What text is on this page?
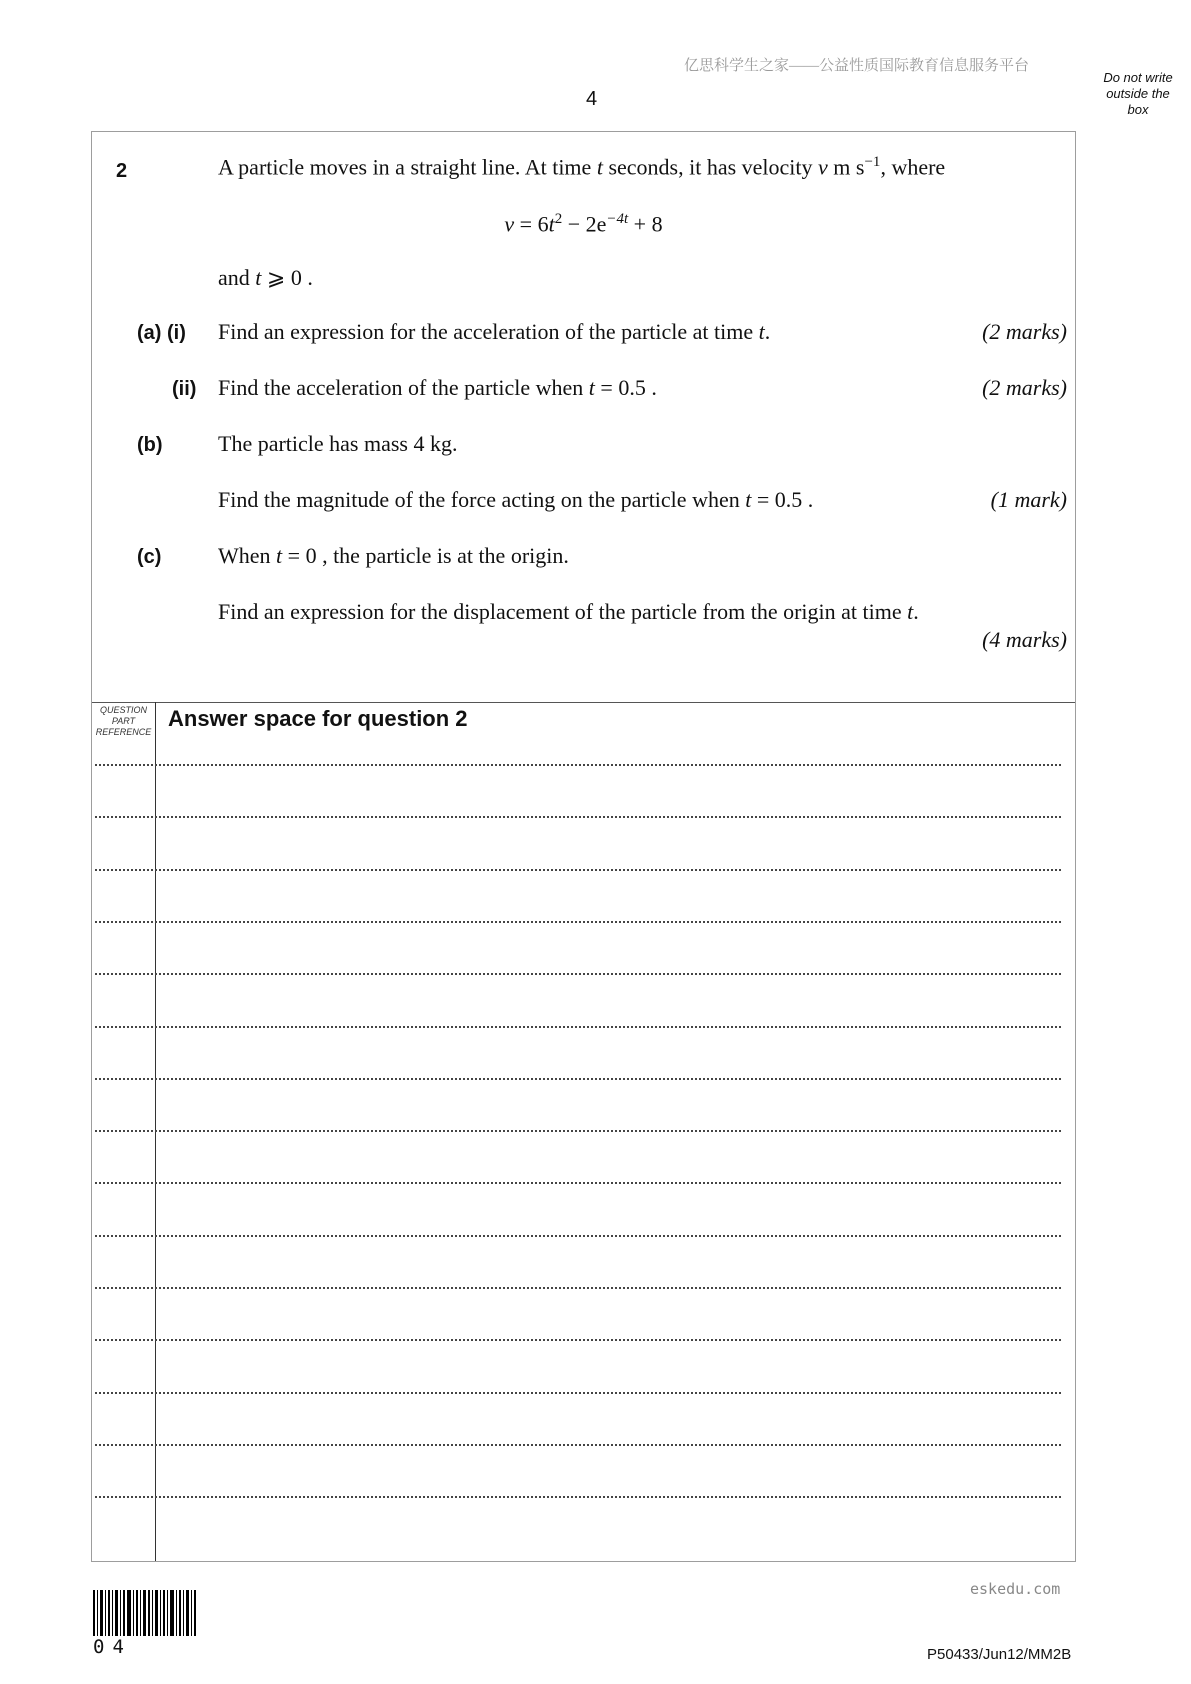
亿思科学生之家——公益性质国际教育信息服务平台
4
Do not write
outside the
box
2	A particle moves in a straight line. At time t seconds, it has velocity v m $s^{-1}$, where
$v = 6t^2 - 2e^{-4t} + 8$
and t ⩾ 0 .
(a) (i) Find an expression for the acceleration of the particle at time t.	(2 marks)
(ii) Find the acceleration of the particle when t = 0.5 .	(2 marks)
(b)	The particle has mass 4 kg.
Find the magnitude of the force acting on the particle when t = 0.5 .	(1 mark)
(c)	When t = 0 , the particle is at the origin.
Find an expression for the displacement of the particle from the origin at time t.
(4 marks)
QUESTION
PART
REFERENCE
Answer space for question 2
eskedu.com
04	P50433/Jun12/MM2B
